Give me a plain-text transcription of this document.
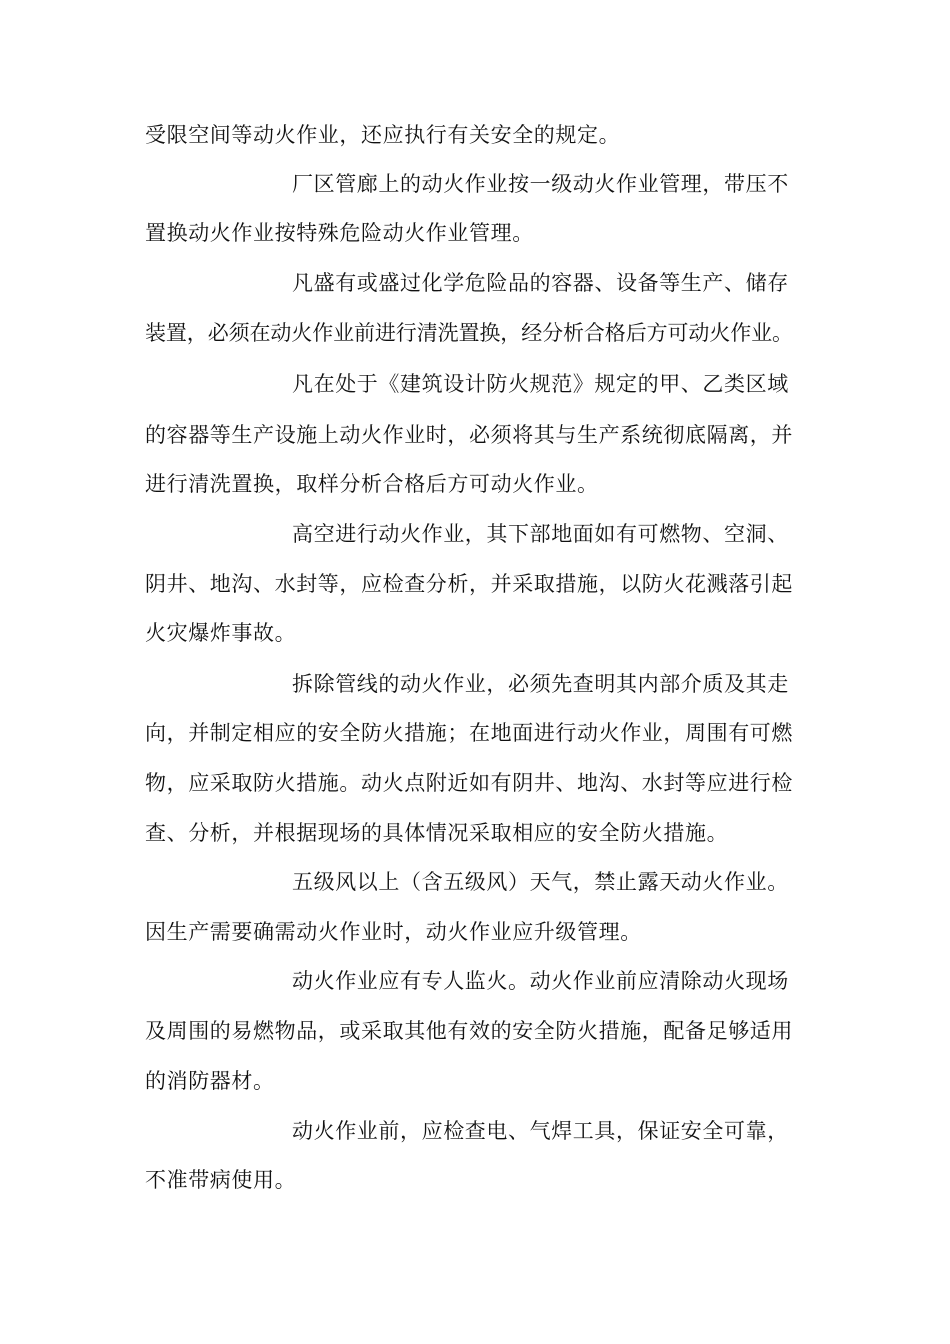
受限空间等动火作业，还应执行有关安全的规定。
厂区管廊上的动火作业按一级动火作业管理，带压不
置换动火作业按特殊危险动火作业管理。
凡盛有或盛过化学危险品的容器、设备等生产、储存
装置，必须在动火作业前进行清洗置换，经分析合格后方可动火作业。
凡在处于《建筑设计防火规范》规定的甲、乙类区域
的容器等生产设施上动火作业时，必须将其与生产系统彻底隔离，并
进行清洗置换，取样分析合格后方可动火作业。
高空进行动火作业，其下部地面如有可燃物、空洞、
阴井、地沟、水封等，应检查分析，并采取措施，以防火花溅落引起
火灾爆炸事故。
拆除管线的动火作业，必须先查明其内部介质及其走
向，并制定相应的安全防火措施；在地面进行动火作业，周围有可燃
物，应采取防火措施。动火点附近如有阴井、地沟、水封等应进行检
查、分析，并根据现场的具体情况采取相应的安全防火措施。
五级风以上（含五级风）天气，禁止露天动火作业。
因生产需要确需动火作业时，动火作业应升级管理。
动火作业应有专人监火。动火作业前应清除动火现场
及周围的易燃物品，或采取其他有效的安全防火措施，配备足够适用
的消防器材。
动火作业前，应检查电、气焊工具，保证安全可靠，
不准带病使用。
